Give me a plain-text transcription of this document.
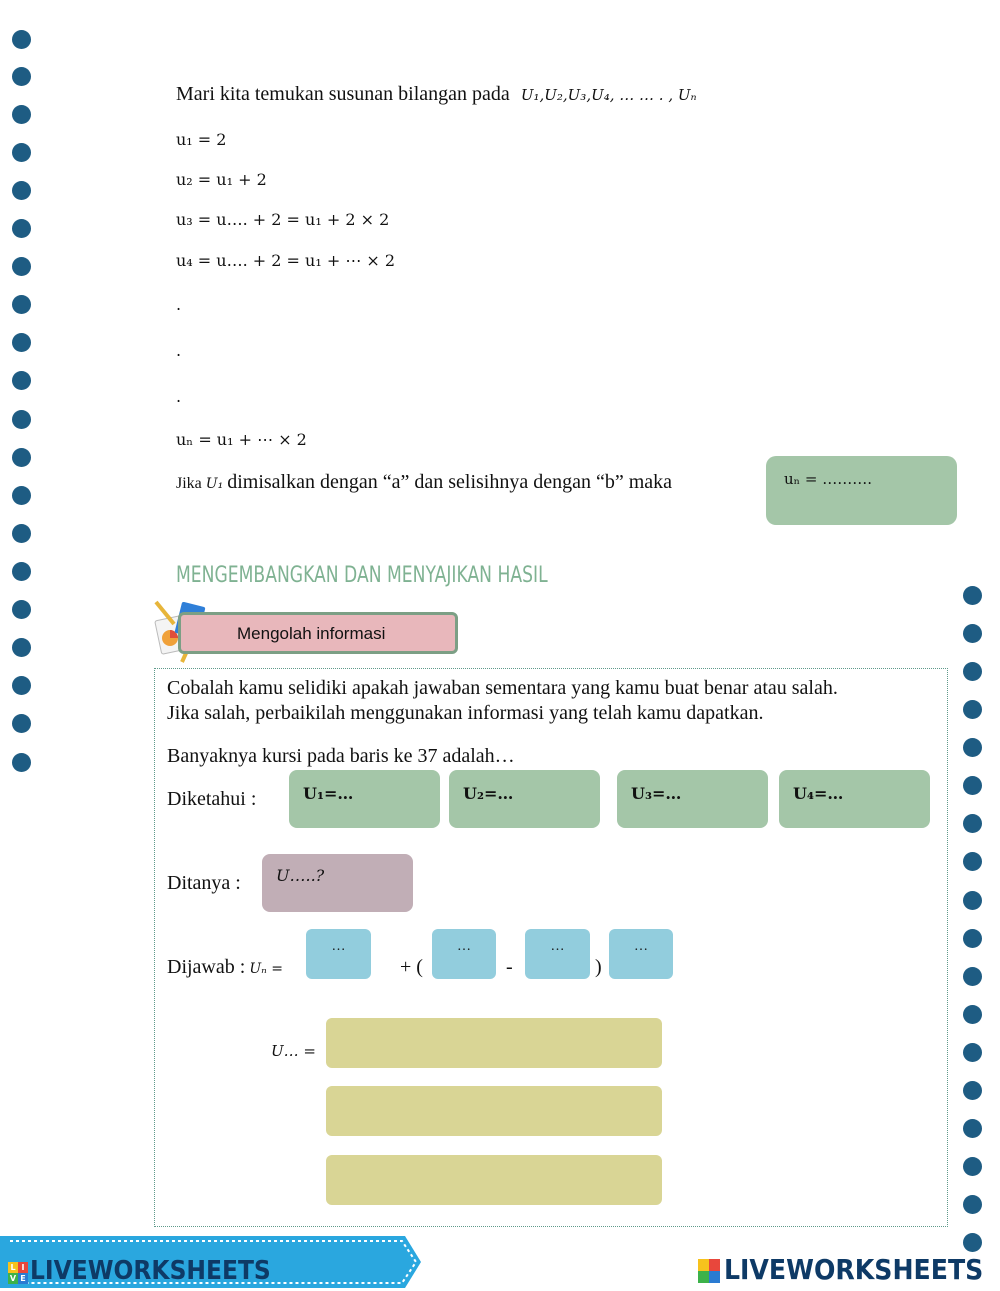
Mari kita temukan susunan bilangan pada U₁,U₂,U₃,U₄, … … . , Uₙ
u₁ = 2
u₂ = u₁ + 2
u₃ = u…. + 2 = u₁ + 2 × 2
u₄ = u…. + 2 = u₁ + ⋯ × 2
.
.
.
uₙ = u₁ + ⋯ × 2
Jika U₁ dimisalkan dengan “a” dan selisihnya dengan “b” maka	uₙ = ……….
MENGEMBANGKAN DAN MENYAJIKAN HASIL
Mengolah informasi
Cobalah kamu selidiki apakah jawaban sementara yang kamu buat benar atau salah.
Jika salah, perbaikilah menggunakan informasi yang telah kamu dapatkan.
Banyaknya kursi pada baris ke 37 adalah…
Diketahui :	U₁=…	U₂=…	U₃=…	U₄=…
Ditanya : U…..?
Dijawab : Uₙ =
…
+ (
…
-
…
)
…
U… =
L I
V E LIVEWORKSHEETS	LIVEWORKSHEETS
